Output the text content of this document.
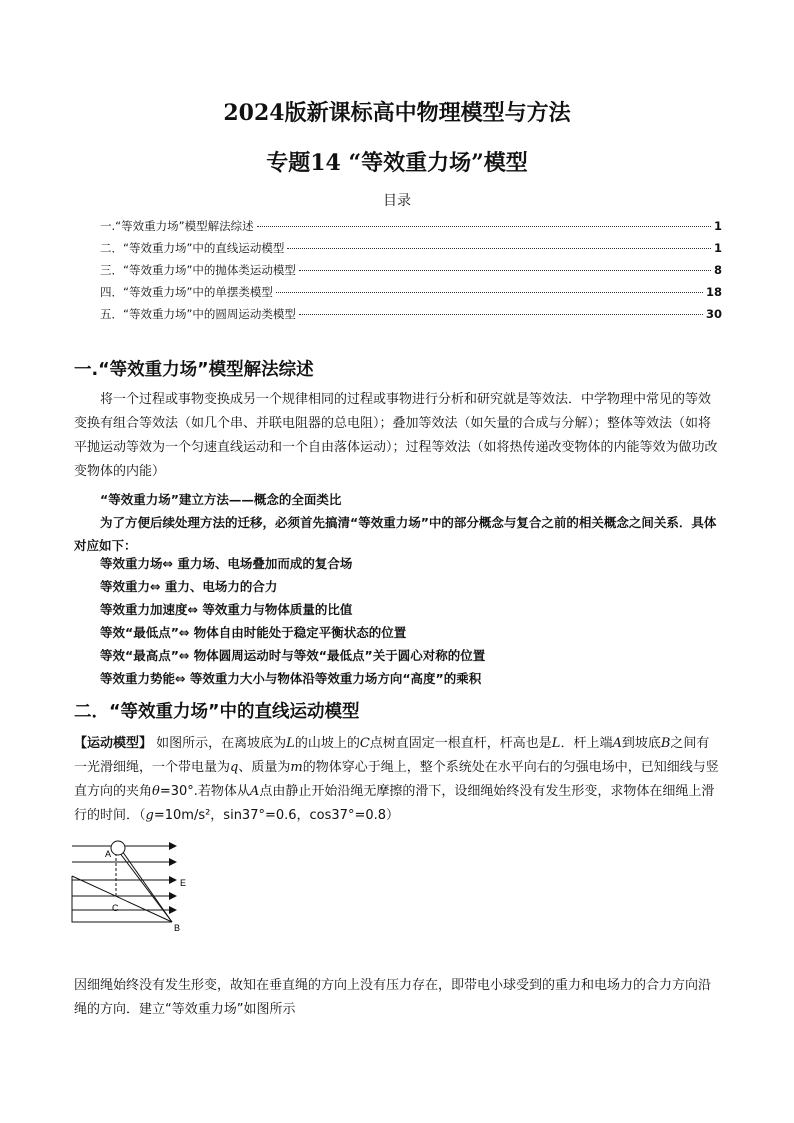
2024版新课标高中物理模型与方法
专题14 “等效重力场”模型
目录
一.“等效重力场”模型解法综述	1
二．“等效重力场”中的直线运动模型	1
三．“等效重力场”中的抛体类运动模型	8
四．“等效重力场”中的单摆类模型	18
五．“等效重力场”中的圆周运动类模型	30
一.“等效重力场”模型解法综述
将一个过程或事物变换成另一个规律相同的过程或事物进行分析和研究就是等效法．中学物理中常见的等效变换有组合等效法（如几个串、并联电阻器的总电阻）；叠加等效法（如矢量的合成与分解）；整体等效法（如将平抛运动等效为一个匀速直线运动和一个自由落体运动）；过程等效法（如将热传递改变物体的内能等效为做功改变物体的内能）
“等效重力场”建立方法——概念的全面类比
为了方便后续处理方法的迁移，必须首先搞清“等效重力场”中的部分概念与复合之前的相关概念之间关系．具体对应如下：
等效重力场⇔ 重力场、电场叠加而成的复合场
等效重力⇔ 重力、电场力的合力
等效重力加速度⇔ 等效重力与物体质量的比值
等效“最低点”⇔ 物体自由时能处于稳定平衡状态的位置
等效“最高点”⇔ 物体圆周运动时与等效“最低点”关于圆心对称的位置
等效重力势能⇔ 等效重力大小与物体沿等效重力场方向“高度”的乘积
二．“等效重力场”中的直线运动模型
【运动模型】 如图所示，在离坡底为L的山坡上的C点树直固定一根直杆，杆高也是L．杆上端A到坡底B之间有一光滑细绳，一个带电量为q、质量为m的物体穿心于绳上，整个系统处在水平向右的匀强电场中，已知细线与竖直方向的夹角θ=30°.若物体从A点由静止开始沿绳无摩擦的滑下，设细绳始终没有发生形变，求物体在细绳上滑行的时间．（g=10m/s²，sin37°=0.6，cos37°=0.8）
A
E
C
B
因细绳始终没有发生形变，故知在垂直绳的方向上没有压力存在，即带电小球受到的重力和电场力的合力方向沿绳的方向．建立“等效重力场”如图所示
